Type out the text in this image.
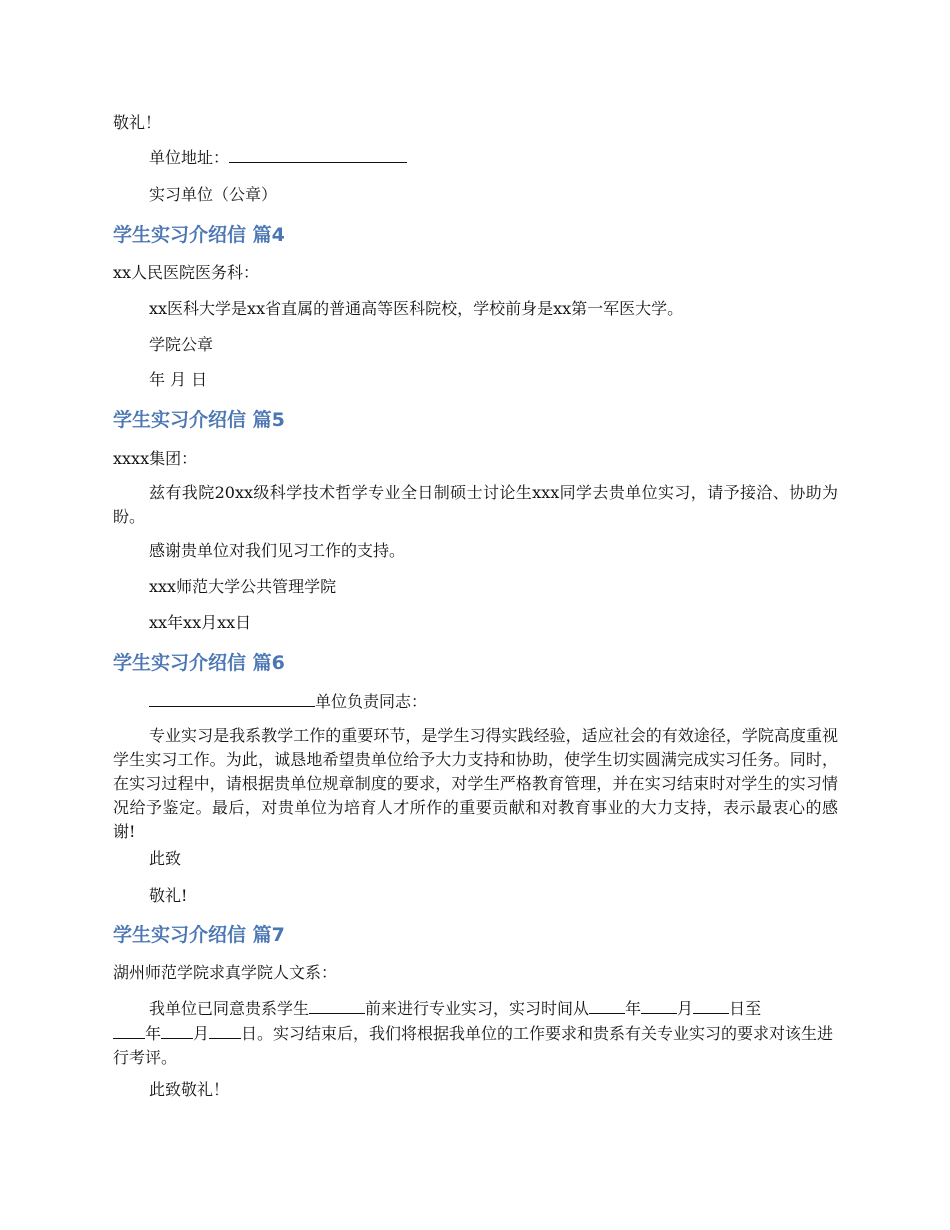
敬礼！

单位地址：

实习单位（公章）

学生实习介绍信 篇4

xx人民医院医务科：

xx医科大学是xx省直属的普通高等医科院校，学校前身是xx第一军医大学。

学院公章

年 月 日

学生实习介绍信 篇5

xxxx集团：

兹有我院20xx级科学技术哲学专业全日制硕士讨论生xxx同学去贵单位实习，请予接洽、协助为盼。

感谢贵单位对我们见习工作的支持。

xxx师范大学公共管理学院

xx年xx月xx日

学生实习介绍信 篇6

单位负责同志：

专业实习是我系教学工作的重要环节，是学生习得实践经验，适应社会的有效途径，学院高度重视学生实习工作。为此，诚恳地希望贵单位给予大力支持和协助，使学生切实圆满完成实习任务。同时，在实习过程中，请根据贵单位规章制度的要求，对学生严格教育管理，并在实习结束时对学生的实习情况给予鉴定。最后，对贵单位为培育人才所作的重要贡献和对教育事业的大力支持，表示最衷心的感谢!

此致

敬礼!

学生实习介绍信 篇7

湖州师范学院求真学院人文系：

我单位已同意贵系学生	前来进行专业实习，实习时间从 年 月 日至
年 月 日。实习结束后，我们将根据我单位的工作要求和贵系有关专业实习的要求对该生进行考评。

此致敬礼！
